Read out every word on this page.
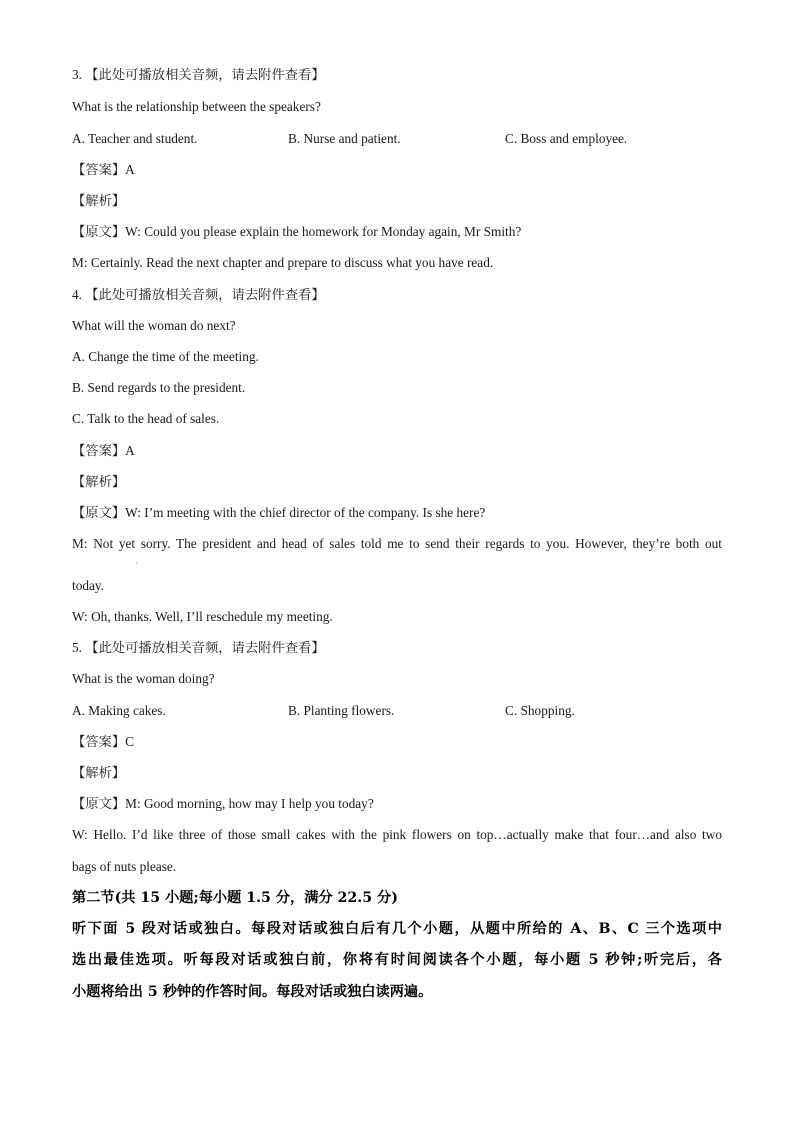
3. 【此处可播放相关音频，请去附件查看】
What is the relationship between the speakers?
A. Teacher and student.	B. Nurse and patient.	C. Boss and employee.
【答案】A
【解析】
【原文】W: Could you please explain the homework for Monday again, Mr Smith?
M: Certainly. Read the next chapter and prepare to discuss what you have read.
4. 【此处可播放相关音频，请去附件查看】
What will the woman do next?
A. Change the time of the meeting.
B. Send regards to the president.
C. Talk to the head of sales.
【答案】A
【解析】
【原文】W: I’m meeting with the chief director of the company. Is she here?
M: Not yet sorry. The president and head of sales told me to send their regards to you. However, they’re both out
ˌ
today.
W: Oh, thanks. Well, I’ll reschedule my meeting.
5. 【此处可播放相关音频，请去附件查看】
What is the woman doing?
A. Making cakes.	B. Planting flowers.	C. Shopping.
【答案】C
【解析】
【原文】M: Good morning, how may I help you today?
W: Hello. I’d like three of those small cakes with the pink flowers on top…actually make that four…and also two
bags of nuts please.
第二节(共 15 小题;每小题 1.5 分，满分 22.5 分)
听下面 5 段对话或独白。每段对话或独白后有几个小题，从题中所给的 A、B、C 三个选项中
选出最佳选项。听每段对话或独白前，你将有时间阅读各个小题，每小题 5 秒钟;听完后，各
小题将给出 5 秒钟的作答时间。每段对话或独白读两遍。
